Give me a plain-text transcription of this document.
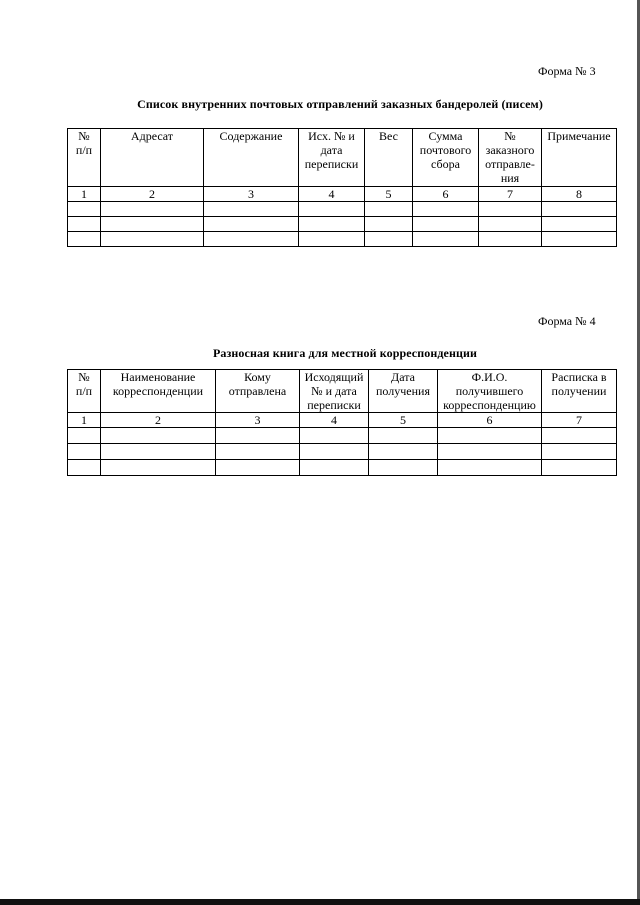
Форма № 3
Список внутренних почтовых отправлений заказных бандеролей (писем)
№
п/п	Адресат	Содержание	Исх. № и
дата
переписки	Вес	Сумма
почтового
сбора	№
заказного
отправле-
ния	Примечание
1	2	3	4	5	6	7	8

Форма № 4
Разносная книга для местной корреспонденции
№
п/п	Наименование
корреспонденции	Кому
отправлена	Исходящий
№ и дата
переписки	Дата
получения	Ф.И.О.
получившего
корреспонденцию	Расписка в
получении
1	2	3	4	5	6	7
